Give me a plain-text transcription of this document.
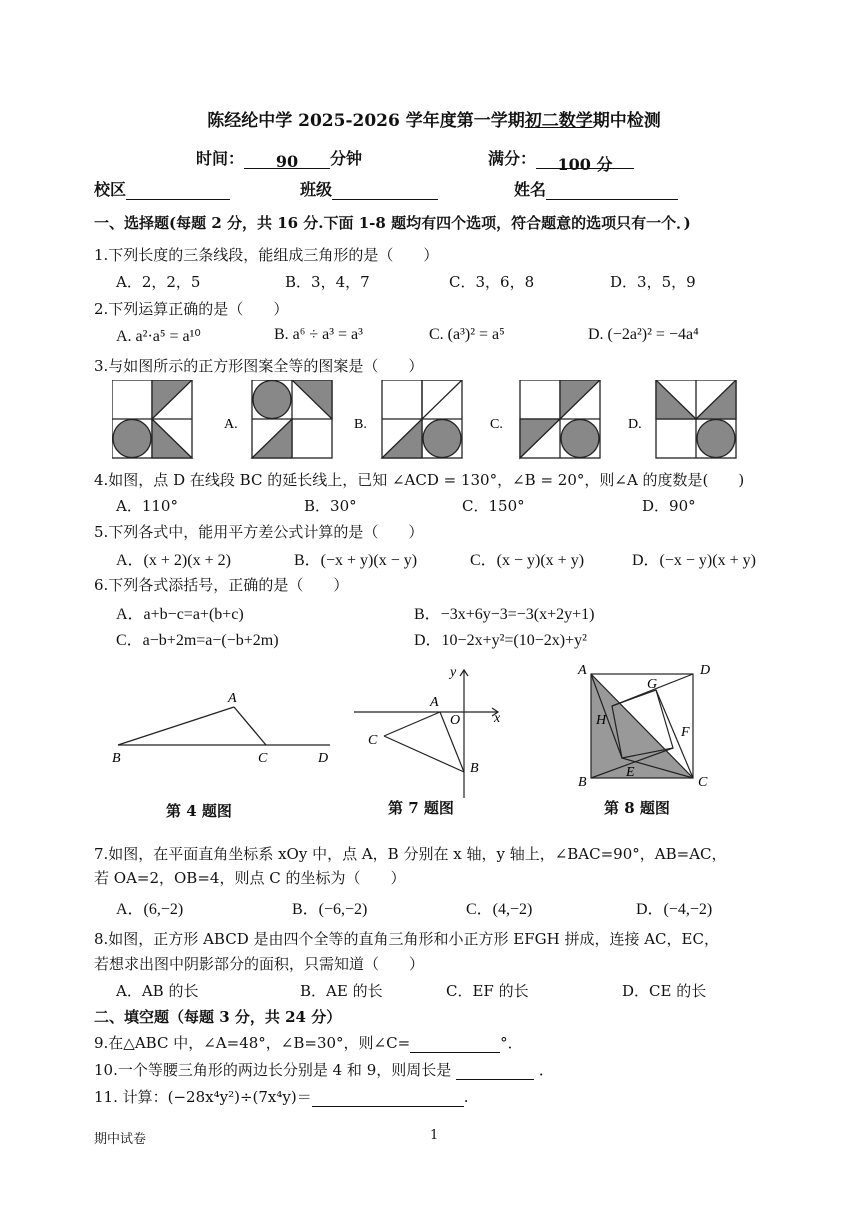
陈经纶中学 2025-2026 学年度第一学期初二数学期中检测
时间： 90 分钟	满分： 100 分
校区	班级	姓名
一、选择题(每题 2 分，共 16 分.下面 1-8 题均有四个选项，符合题意的选项只有一个．)
1.下列长度的三条线段，能组成三角形的是（　　）
A．2，2，5	B．3，4，7	C．3，6，8	D．3，5，9
2.下列运算正确的是（　　）
A. a²·a⁵ = a¹⁰	B. a⁶ ÷ a³ = a³	C. (a³)² = a⁵	D. (−2a²)² = −4a⁴
3.与如图所示的正方形图案全等的图案是（　　）
A.	B.	C.	D.
4.如图，点 D 在线段 BC 的延长线上，已知 ∠ACD = 130°，∠B = 20°，则∠A 的度数是(　　)
A．110°	B．30°	C．150°	D．90°
5.下列各式中，能用平方差公式计算的是（　　）
A．(x + 2)(x + 2)	B．(−x + y)(x − y)	C．(x − y)(x + y)	D．(−x − y)(x + y)
6.下列各式添括号，正确的是（　　）
A．a+b−c=a+(b+c)	B．−3x+6y−3=−3(x+2y+1)
C．a−b+2m=a−(−b+2m)	D．10−2x+y²=(10−2x)+y²
A
B	C	D
第 4 题图
y
x
A
O
C
B
第 7 题图
A	D
G
H
F
E
B	C
第 8 题图
7.如图，在平面直角坐标系 xOy 中，点 A，B 分别在 x 轴，y 轴上，∠BAC=90°，AB=AC，
若 OA=2，OB=4，则点 C 的坐标为（　　）
A．(6,−2)	B．(−6,−2)	C．(4,−2)	D．(−4,−2)
8.如图，正方形 ABCD 是由四个全等的直角三角形和小正方形 EFGH 拼成，连接 AC，EC，
若想求出图中阴影部分的面积，只需知道（　　）
A．AB 的长	B．AE 的长	C．EF 的长	D．CE 的长
二、填空题（每题 3 分，共 24 分）
9.在△ABC 中，∠A=48°，∠B=30°，则∠C=	°．
10.一个等腰三角形的两边长分别是 4 和 9，则周长是	．
11. 计算：(−28x⁴y²)÷(7x⁴y)＝	.
期中试卷	1
